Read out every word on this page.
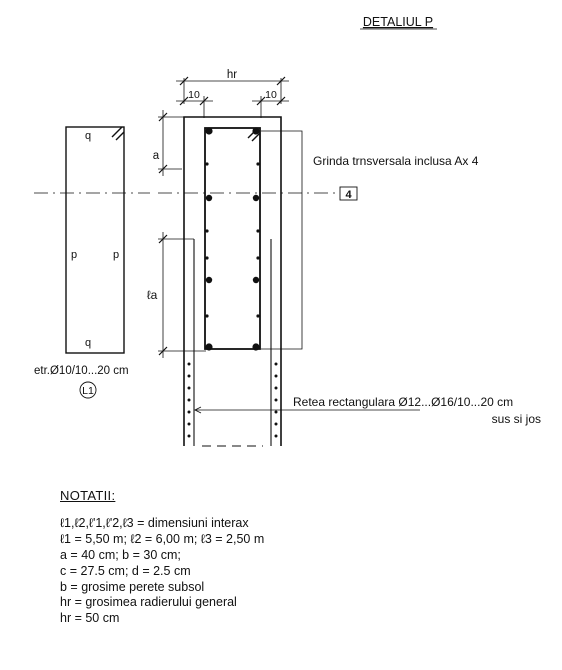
DETALIUL P
q
p	p
q
etr.Ø10/10...20 cm
L1
4
hr
10	10
a
ℓa
Grinda trnsversala inclusa Ax 4
Retea rectangulara Ø12...Ø16/10...20 cm
sus si jos
NOTATII:
ℓ1,ℓ2,ℓ'1,ℓ'2,ℓ3 = dimensiuni interax
ℓ1 = 5,50 m; ℓ2 = 6,00 m; ℓ3 = 2,50 m
a = 40 cm; b = 30 cm;
c = 27.5 cm; d = 2.5 cm
b = grosime perete subsol
hr = grosimea radierului general
hr = 50 cm
